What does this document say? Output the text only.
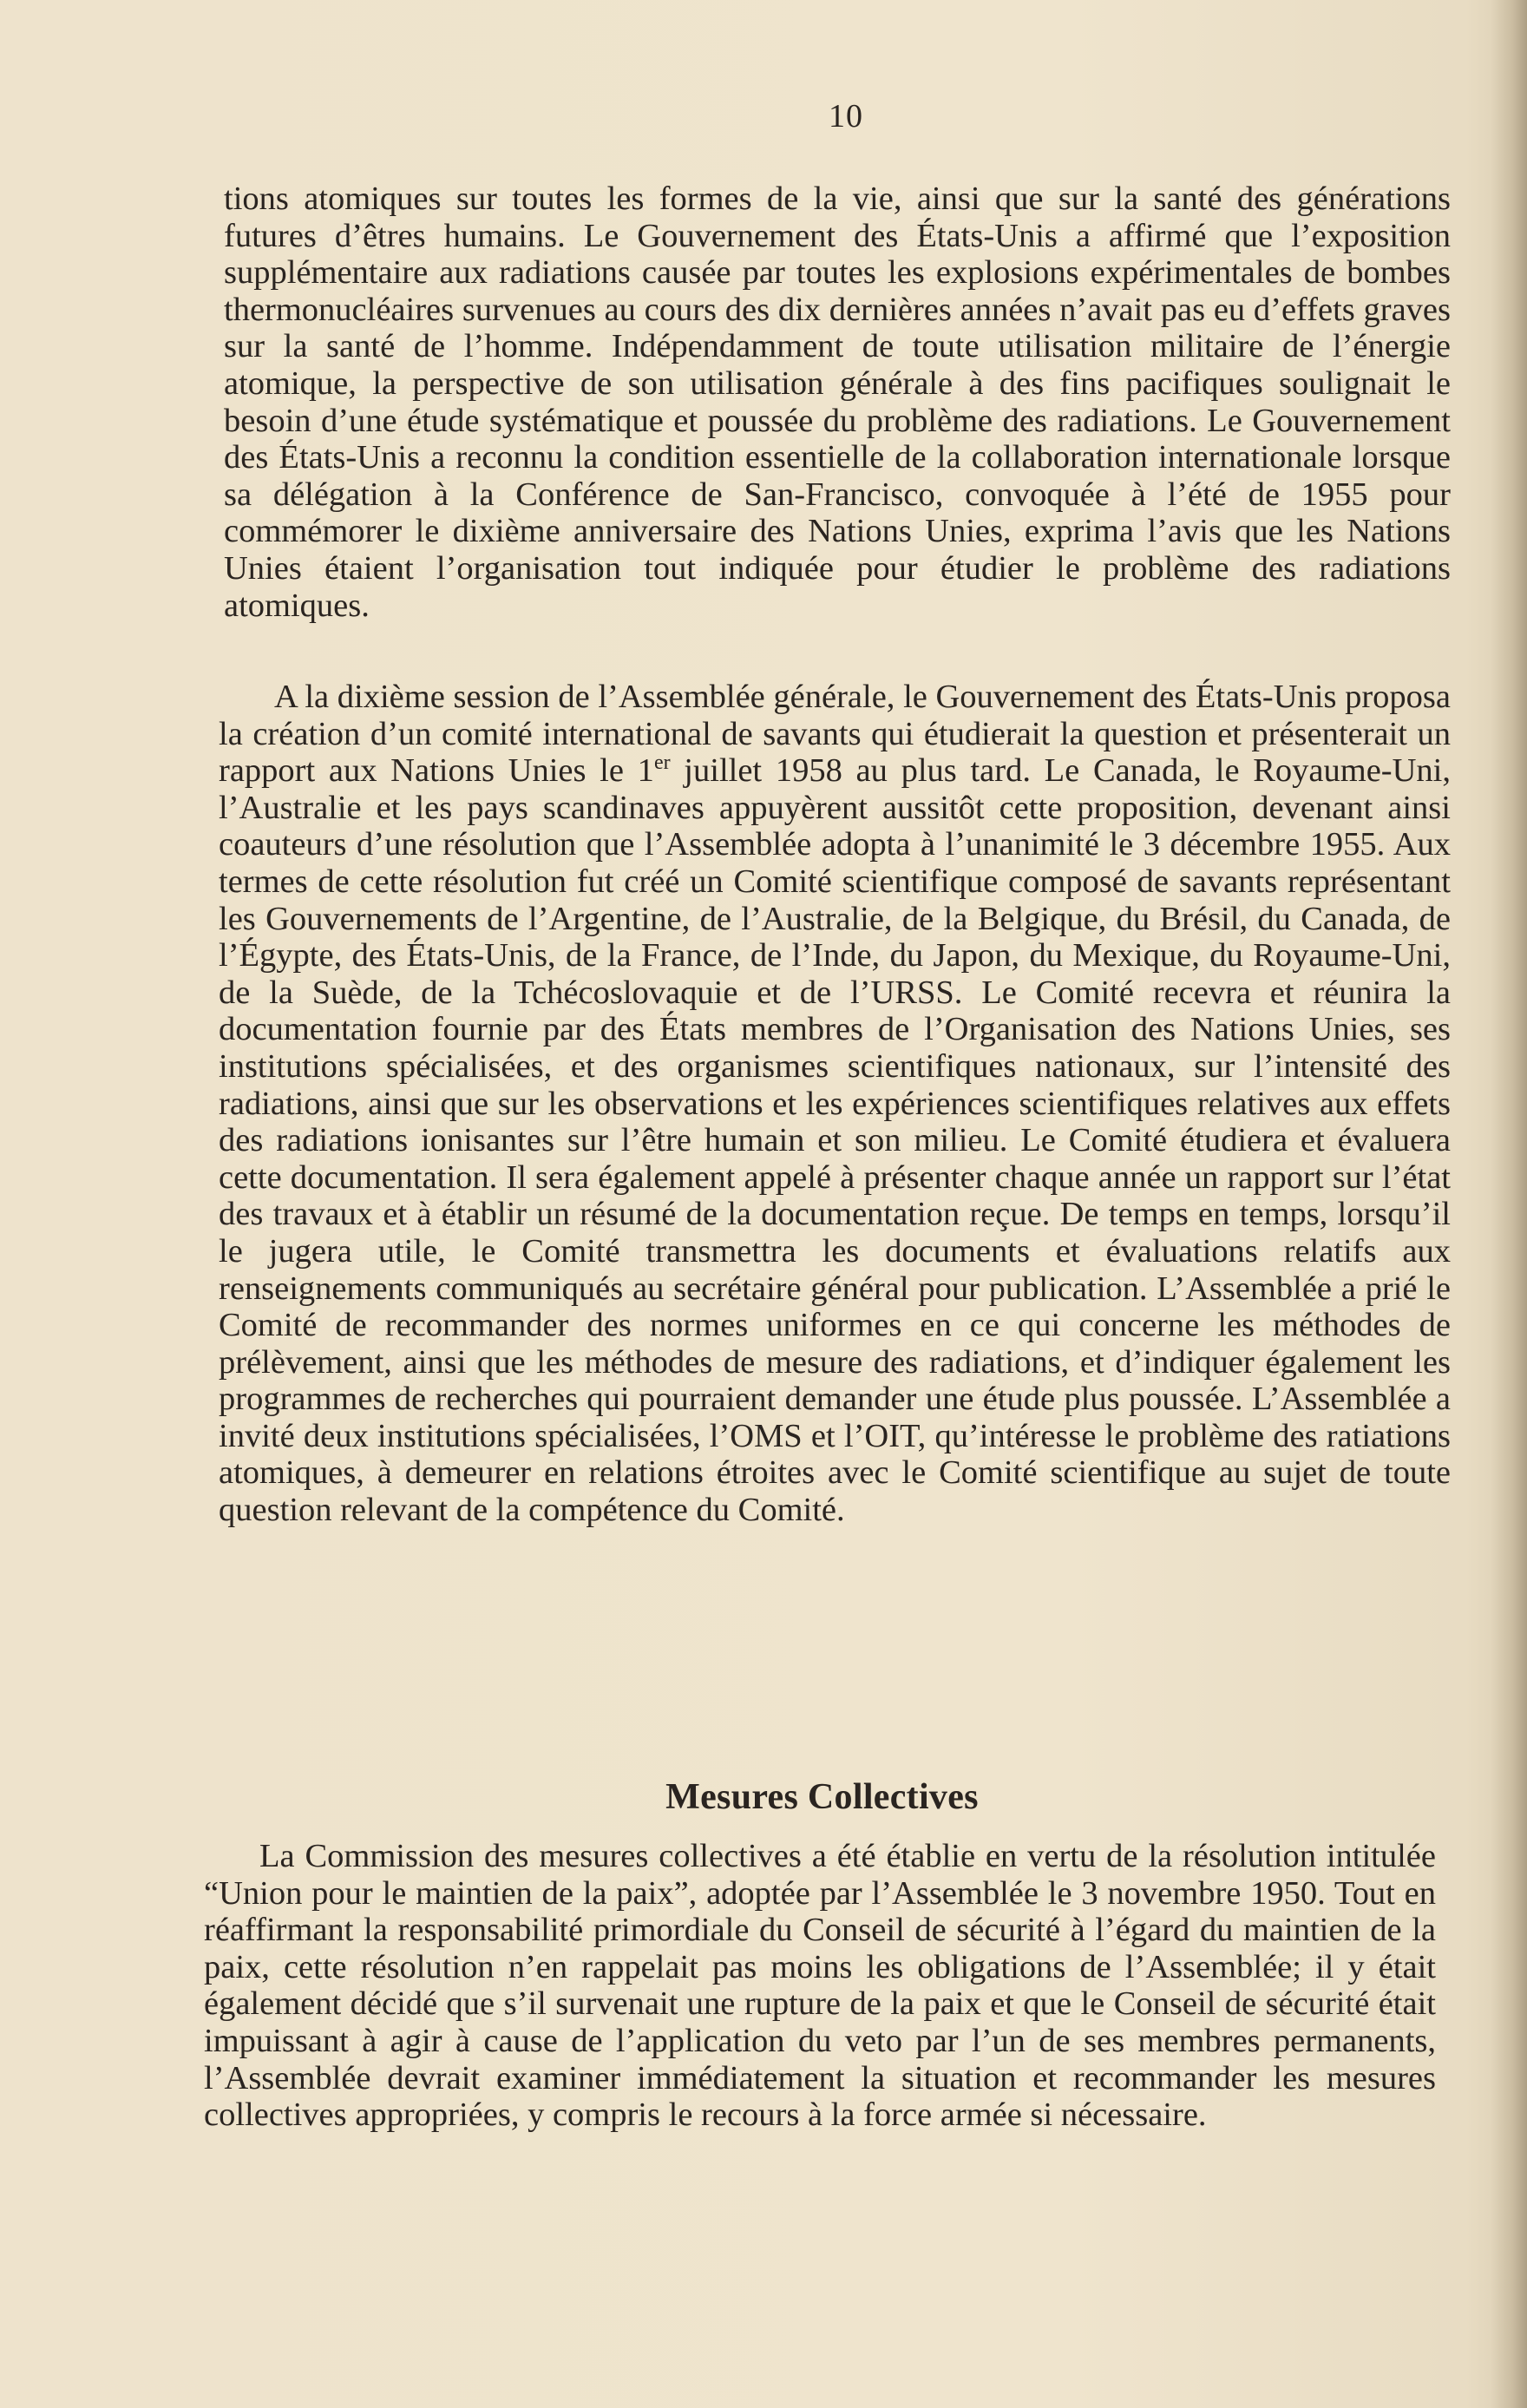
10

tions atomiques sur toutes les formes de la vie, ainsi que sur la santé des générations futures d’êtres humains. Le Gouvernement des États-Unis a affirmé que l’exposition supplémentaire aux radiations causée par toutes les explosions expérimentales de bombes thermonucléaires survenues au cours des dix dernières années n’avait pas eu d’effets graves sur la santé de l’homme. Indépendamment de toute utilisation militaire de l’énergie atomique, la perspective de son utilisation générale à des fins pacifiques soulignait le besoin d’une étude systématique et poussée du problème des radiations. Le Gouvernement des États-Unis a reconnu la condition essentielle de la collaboration internationale lorsque sa délégation à la Conférence de San-Francisco, convoquée à l’été de 1955 pour commémorer le dixième anniversaire des Nations Unies, exprima l’avis que les Nations Unies étaient l’organisation tout indiquée pour étudier le problème des radiations atomiques.

A la dixième session de l’Assemblée générale, le Gouvernement des États-Unis proposa la création d’un comité international de savants qui étudierait la question et présenterait un rapport aux Nations Unies le 1er juillet 1958 au plus tard. Le Canada, le Royaume-Uni, l’Australie et les pays scandinaves appuyèrent aussitôt cette proposition, devenant ainsi coauteurs d’une résolution que l’Assemblée adopta à l’unanimité le 3 décembre 1955. Aux termes de cette résolution fut créé un Comité scientifique composé de savants représentant les Gouvernements de l’Argentine, de l’Australie, de la Belgique, du Brésil, du Canada, de l’Égypte, des États-Unis, de la France, de l’Inde, du Japon, du Mexique, du Royaume-Uni, de la Suède, de la Tchécoslovaquie et de l’URSS. Le Comité recevra et réunira la documentation fournie par des États membres de l’Organisation des Nations Unies, ses institutions spécialisées, et des organismes scientifiques nationaux, sur l’intensité des radiations, ainsi que sur les observations et les expériences scientifiques relatives aux effets des radiations ionisantes sur l’être humain et son milieu. Le Comité étudiera et évaluera cette documentation. Il sera également appelé à présenter chaque année un rapport sur l’état des travaux et à établir un résumé de la documentation reçue. De temps en temps, lorsqu’il le jugera utile, le Comité transmettra les documents et évaluations relatifs aux renseignements communiqués au secrétaire général pour publication. L’Assemblée a prié le Comité de recommander des normes uniformes en ce qui concerne les méthodes de prélèvement, ainsi que les méthodes de mesure des radiations, et d’indiquer également les programmes de recherches qui pourraient demander une étude plus poussée. L’Assemblée a invité deux institutions spécialisées, l’OMS et l’OIT, qu’intéresse le problème des ratiations atomiques, à demeurer en relations étroites avec le Comité scientifique au sujet de toute question relevant de la compétence du Comité.

Mesures Collectives

La Commission des mesures collectives a été établie en vertu de la résolution intitulée “Union pour le maintien de la paix”, adoptée par l’Assemblée le 3 novembre 1950. Tout en réaffirmant la responsabilité primordiale du Conseil de sécurité à l’égard du maintien de la paix, cette résolution n’en rappelait pas moins les obligations de l’Assemblée; il y était également décidé que s’il survenait une rupture de la paix et que le Conseil de sécurité était impuissant à agir à cause de l’application du veto par l’un de ses membres permanents, l’Assemblée devrait examiner immédiatement la situation et recommander les mesures collectives appropriées, y compris le recours à la force armée si nécessaire.
